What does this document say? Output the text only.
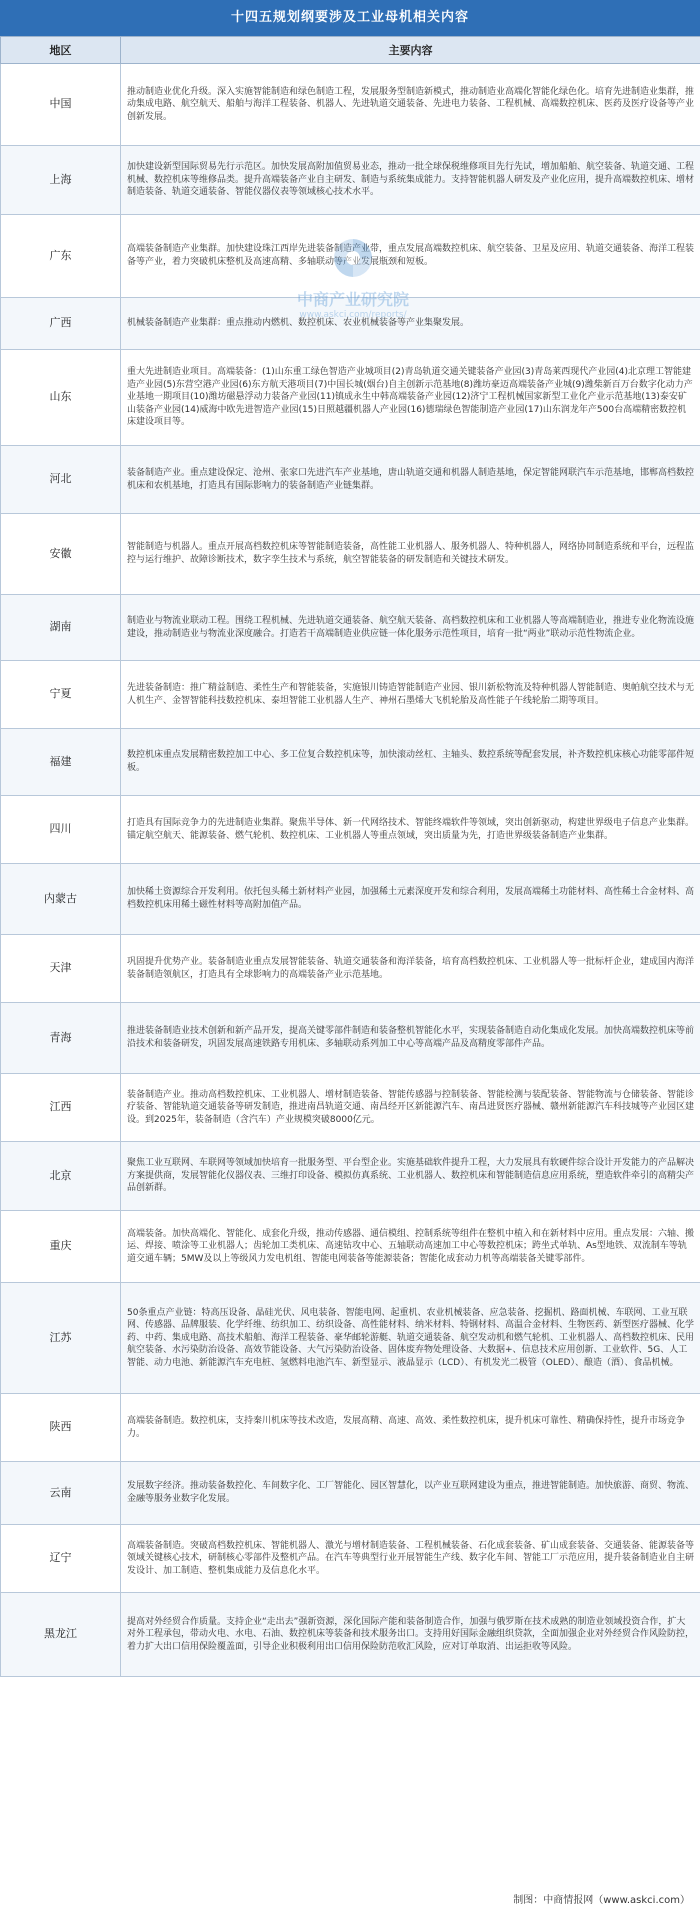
十四五规划纲要涉及工业母机相关内容
地区	主要内容
中国	推动制造业优化升级。深入实施智能制造和绿色制造工程，发展服务型制造新模式，推动制造业高端化智能化绿色化。培育先进制造业集群，推动集成电路、航空航天、船舶与海洋工程装备、机器人、先进轨道交通装备、先进电力装备、工程机械、高端数控机床、医药及医疗设备等产业创新发展。
上海	加快建设新型国际贸易先行示范区。加快发展高附加值贸易业态，推动一批全球保税维修项目先行先试，增加船舶、航空装备、轨道交通、工程机械、数控机床等维修品类。提升高端装备产业自主研发、制造与系统集成能力。支持智能机器人研发及产业化应用，提升高端数控机床、增材制造装备、轨道交通装备、智能仪器仪表等领域核心技术水平。
广东	高端装备制造产业集群。加快建设珠江西岸先进装备制造产业带，重点发展高端数控机床、航空装备、卫星及应用、轨道交通装备、海洋工程装备等产业，着力突破机床整机及高速高精、多轴联动等产业发展瓶颈和短板。
广西	机械装备制造产业集群：重点推动内燃机、数控机床、农业机械装备等产业集聚发展。
山东	重大先进制造业项目。高端装备：(1)山东重工绿色智造产业城项目(2)青岛轨道交通关键装备产业园(3)青岛莱西现代产业园(4)北京理工智能建造产业园(5)东营空港产业园(6)东方航天港项目(7)中国长城(烟台)自主创新示范基地(8)潍坊豪迈高端装备产业城(9)潍柴新百万台数字化动力产业基地一期项目(10)潍坊磁悬浮动力装备产业园(11)镇成永生中韩高端装备产业园(12)济宁工程机械国家新型工业化产业示范基地(13)泰安矿山装备产业园(14)威海中欧先进智造产业园(15)日照越疆机器人产业园(16)德瑞绿色智能制造产业园(17)山东润龙年产500台高端精密数控机床建设项目等。
河北	装备制造产业。重点建设保定、沧州、张家口先进汽车产业基地，唐山轨道交通和机器人制造基地，保定智能网联汽车示范基地，邯郸高档数控机床和农机基地，打造具有国际影响力的装备制造产业链集群。
安徽	智能制造与机器人。重点开展高档数控机床等智能制造装备，高性能工业机器人、服务机器人、特种机器人，网络协同制造系统和平台，远程监控与运行维护、故障诊断技术，数字孪生技术与系统，航空智能装备的研发制造和关键技术研发。
湖南	制造业与物流业联动工程。围绕工程机械、先进轨道交通装备、航空航天装备、高档数控机床和工业机器人等高端制造业，推进专业化物流设施建设，推动制造业与物流业深度融合。打造若干高端制造业供应链一体化服务示范性项目，培育一批“两业”联动示范性物流企业。
宁夏	先进装备制造：推广精益制造、柔性生产和智能装备，实施银川铸造智能制造产业园、银川新松物流及特种机器人智能制造、奥帕航空技术与无人机生产、金智智能科技数控机床、泰坦智能工业机器人生产、神州石墨烯大飞机轮胎及高性能子午线轮胎二期等项目。
福建	数控机床重点发展精密数控加工中心、多工位复合数控机床等，加快滚动丝杠、主轴头、数控系统等配套发展，补齐数控机床核心功能零部件短板。
四川	打造具有国际竞争力的先进制造业集群。聚焦半导体、新一代网络技术、智能终端软件等领域，突出创新驱动，构建世界级电子信息产业集群。锚定航空航天、能源装备、燃气轮机、数控机床、工业机器人等重点领域，突出质量为先，打造世界级装备制造产业集群。
内蒙古	加快稀土资源综合开发利用。依托包头稀土新材料产业园，加强稀土元素深度开发和综合利用，发展高端稀土功能材料、高性稀土合金材料、高档数控机床用稀土磁性材料等高附加值产品。
天津	巩固提升优势产业。装备制造业重点发展智能装备、轨道交通装备和海洋装备，培育高档数控机床、工业机器人等一批标杆企业，建成国内海洋装备制造领航区，打造具有全球影响力的高端装备产业示范基地。
青海	推进装备制造业技术创新和新产品开发，提高关键零部件制造和装备整机智能化水平，实现装备制造自动化集成化发展。加快高端数控机床等前沿技术和装备研发，巩固发展高速铁路专用机床、多轴联动系列加工中心等高端产品及高精度零部件产品。
江西	装备制造产业。推动高档数控机床、工业机器人、增材制造装备、智能传感器与控制装备、智能检测与装配装备、智能物流与仓储装备、智能诊疗装备、智能轨道交通装备等研发制造，推进南昌轨道交通、南昌经开区新能源汽车、南昌进贤医疗器械、赣州新能源汽车科技城等产业园区建设。到2025年，装备制造（含汽车）产业规模突破8000亿元。
北京	聚焦工业互联网、车联网等领域加快培育一批服务型、平台型企业。实施基础软件提升工程，大力发展具有软硬件综合设计开发能力的产品解决方案提供商，发展智能化仪器仪表、三维打印设备、模拟仿真系统、工业机器人、数控机床和智能制造信息应用系统，塑造软件牵引的高精尖产品创新群。
重庆	高端装备。加快高端化、智能化、成套化升级，推动传感器、通信模组、控制系统等组件在整机中植入和在新材料中应用。重点发展：六轴、搬运、焊接、喷涂等工业机器人；齿轮加工类机床、高速钻攻中心、五轴联动高速加工中心等数控机床；跨坐式单轨、As型地铁、双流制车等轨道交通车辆；5MW及以上等级风力发电机组、智能电网装备等能源装备；智能化成套动力机等高端装备关键零部件。
江苏	50条重点产业链：特高压设备、晶硅光伏、风电装备、智能电网、起重机、农业机械装备、应急装备、挖掘机、路面机械、车联网、工业互联网、传感器、品牌服装、化学纤维、纺织加工、纺织设备、高性能材料、纳米材料、特钢材料、高温合金材料、生物医药、新型医疗器械、化学药、中药、集成电路、高技术船舶、海洋工程装备、豪华邮轮游艇、轨道交通装备、航空发动机和燃气轮机、工业机器人、高档数控机床、民用航空装备、水污染防治设备、高效节能设备、大气污染防治设备、固体废弃物处理设备、大数据+、信息技术应用创新、工业软件、5G、人工智能、动力电池、新能源汽车充电桩、氢燃料电池汽车、新型显示、液晶显示（LCD）、有机发光二极管（OLED）、酿造（酒）、食品机械。
陕西	高端装备制造。数控机床，支持秦川机床等技术改造，发展高精、高速、高效、柔性数控机床，提升机床可靠性、精确保持性，提升市场竞争力。
云南	发展数字经济。推动装备数控化、车间数字化、工厂智能化、园区智慧化，以产业互联网建设为重点，推进智能制造。加快旅游、商贸、物流、金融等服务业数字化发展。
辽宁	高端装备制造。突破高档数控机床、智能机器人、激光与增材制造装备、工程机械装备、石化成套装备、矿山成套装备、交通装备、能源装备等领域关键核心技术，研制核心零部件及整机产品。在汽车等典型行业开展智能生产线、数字化车间、智能工厂示范应用，提升装备制造业自主研发设计、加工制造、整机集成能力及信息化水平。
黑龙江	提高对外经贸合作质量。支持企业“走出去”强新资源，深化国际产能和装备制造合作，加强与俄罗斯在技术成熟的制造业领域投资合作，扩大对外工程承包，带动火电、水电、石油、数控机床等装备和技术服务出口。支持用好国际金融组织贷款，全面加强企业对外经贸合作风险防控，着力扩大出口信用保险覆盖面，引导企业积极利用出口信用保险防范收汇风险，应对订单取消、出运拒收等风险。
中商产业研究院
www.askci.com/reports/
制图：中商情报网（www.askci.com）
